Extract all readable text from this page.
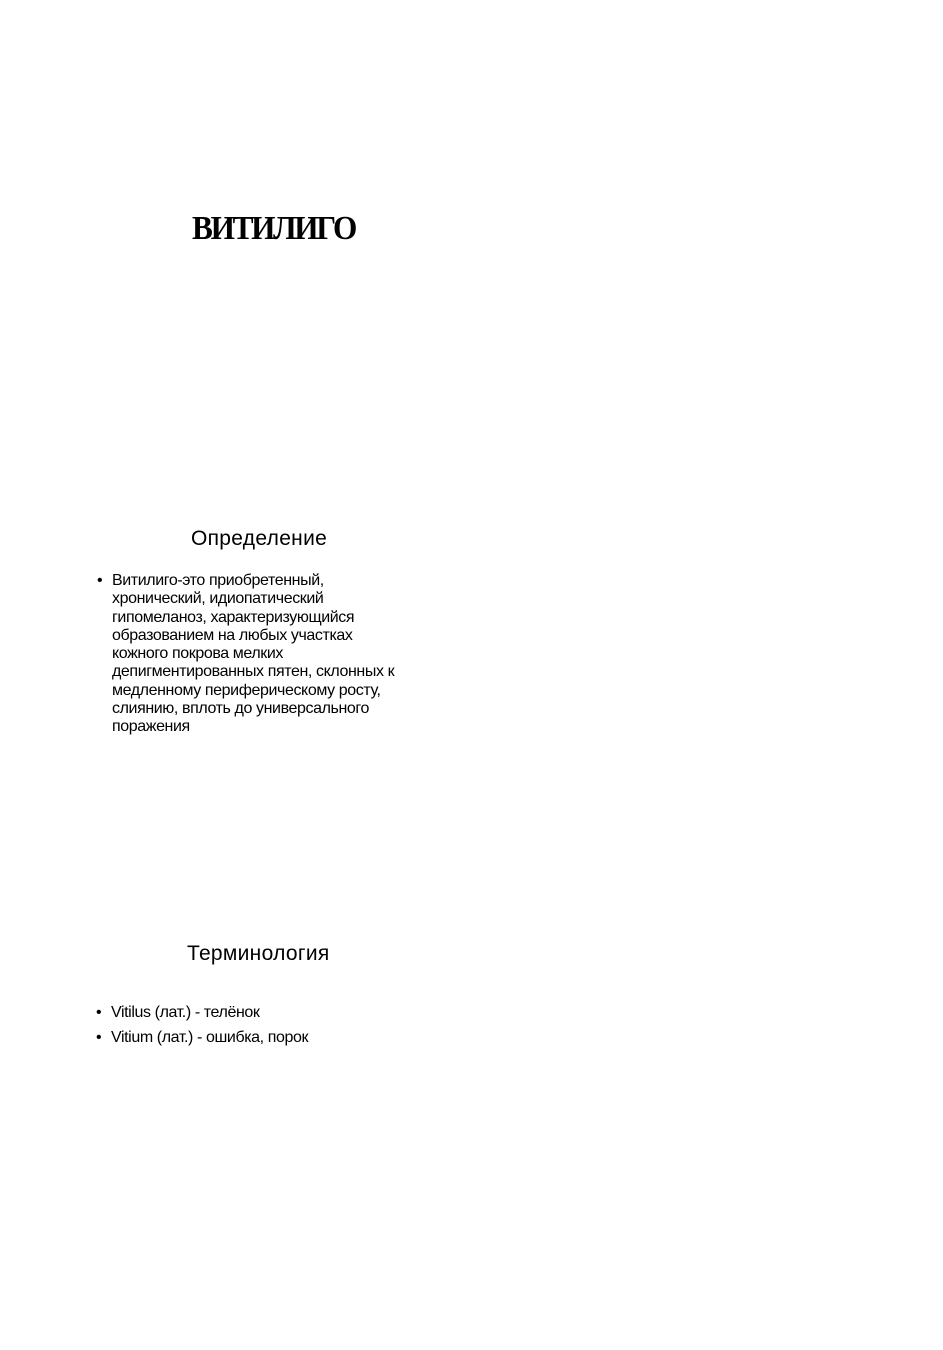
ВИТИЛИГО
Определение
• Витилиго-это приобретенный,
хронический, идиопатический
гипомеланоз, характеризующийся
образованием на любых участках
кожного покрова мелких
депигментированных пятен, склонных к
медленному периферическому росту,
слиянию, вплоть до универсального
поражения
Терминология
• Vitilus (лат.) - телёнок
• Vitium (лат.) - ошибка, порок
